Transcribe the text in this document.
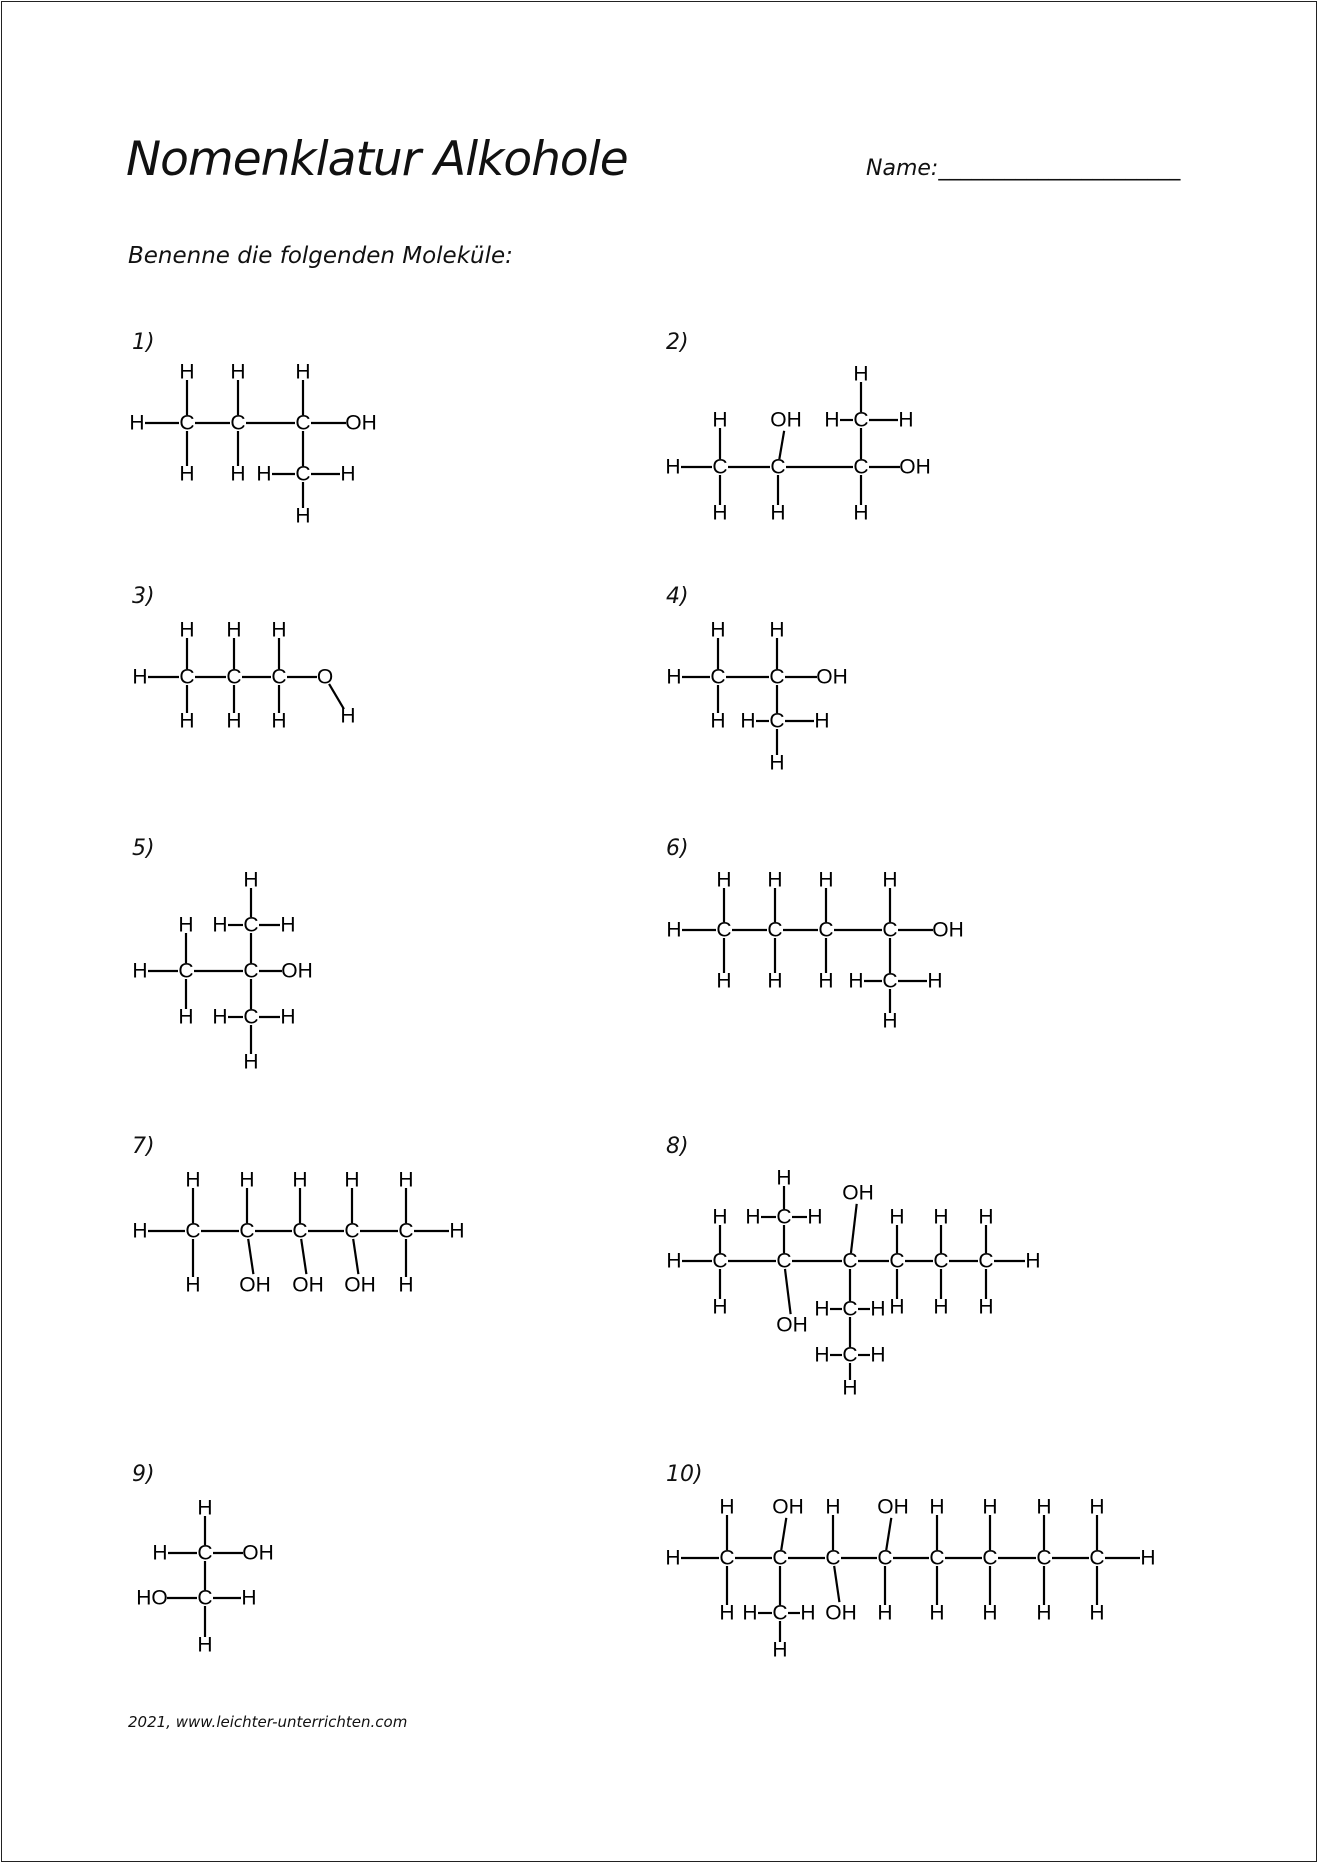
Nomenklatur Alkohole	Name:______________________
Benenne die folgenden Moleküle:
1)	2)
3)	4)
5)	6)
7)	8)
9)	10)
2021, www.leichter-unterrichten.com
H C C C OH
H H H
H H C
H	H
H
H C C	C OH
H OH C
H	H
H
H H	H
H C C C O
H
H H H
H H H
H C C OH
H H
H C
H	H
H
H C C OH
H
H
C
H	H
H
C
H	H
H
H C C C C OH
H H H H
H H H C
H	H
H
H C C C C C H
H H H H H
H OH OH OH H
H C C C C C C H
H C
H H
H
OH
H H H
H
OH
C
H H H H H
C
H H
H
C
H	OH
H
C
HO	H
H
H C C C C C C C C H
H OH H OH H H H H
H C
H H
H
OH H H H H H
